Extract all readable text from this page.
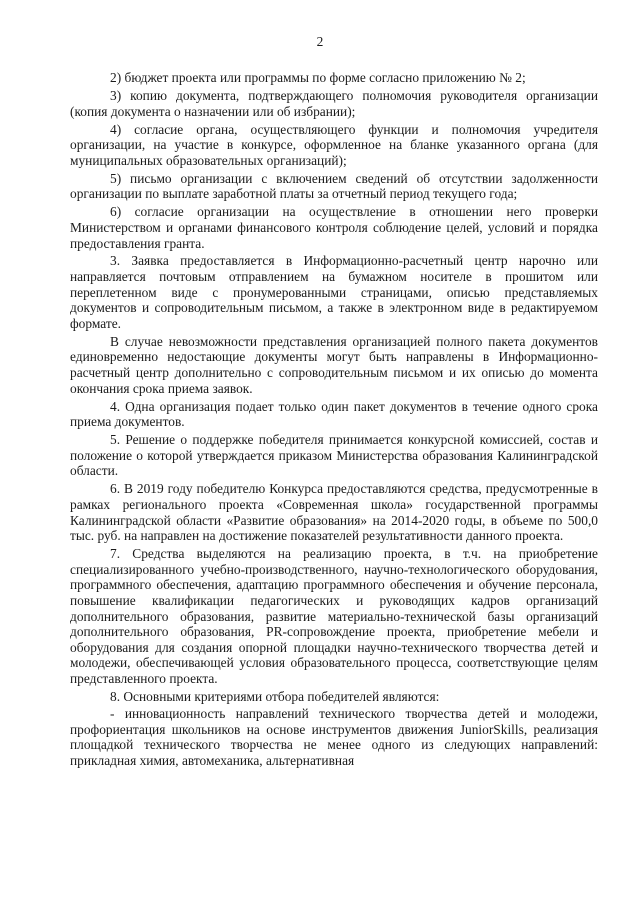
2

2) бюджет проекта или программы по форме согласно приложению № 2;

3) копию документа, подтверждающего полномочия руководителя организации (копия документа о назначении или об избрании);

4) согласие органа, осуществляющего функции и полномочия учредителя организации, на участие в конкурсе, оформленное на бланке указанного органа (для муниципальных образовательных организаций);

5) письмо организации с включением сведений об отсутствии задолженности организации по выплате заработной платы за отчетный период текущего года;

6) согласие организации на осуществление в отношении него проверки Министерством и органами финансового контроля соблюдение целей, условий и порядка предоставления гранта.

3. Заявка предоставляется в Информационно-расчетный центр нарочно или направляется почтовым отправлением на бумажном носителе в прошитом или переплетенном виде с пронумерованными страницами, описью представляемых документов и сопроводительным письмом, а также в электронном виде в редактируемом формате.

В случае невозможности представления организацией полного пакета документов единовременно недостающие документы могут быть направлены в Информационно-расчетный центр дополнительно с сопроводительным письмом и их описью до момента окончания срока приема заявок.

4. Одна организация подает только один пакет документов в течение одного срока приема документов.

5. Решение о поддержке победителя принимается конкурсной комиссией, состав и положение о которой утверждается приказом Министерства образования Калининградской области.

6. В 2019 году победителю Конкурса предоставляются средства, предусмотренные в рамках регионального проекта «Современная школа» государственной программы Калининградской области «Развитие образования» на 2014-2020 годы, в объеме по 500,0 тыс. руб. на направлен на достижение показателей результативности данного проекта.

7. Средства выделяются на реализацию проекта, в т.ч. на приобретение специализированного учебно-производственного, научно-технологического оборудования, программного обеспечения, адаптацию программного обеспечения и обучение персонала, повышение квалификации педагогических и руководящих кадров организаций дополнительного образования, развитие материально-технической базы организаций дополнительного образования, PR-сопровождение проекта, приобретение мебели и оборудования для создания опорной площадки научно-технического творчества детей и молодежи, обеспечивающей условия образовательного процесса, соответствующие целям представленного проекта.

8. Основными критериями отбора победителей являются:

- инновационность направлений технического творчества детей и молодежи, профориентация школьников на основе инструментов движения JuniorSkills, реализация площадкой технического творчества не менее одного из следующих направлений: прикладная химия, автомеханика, альтернативная
